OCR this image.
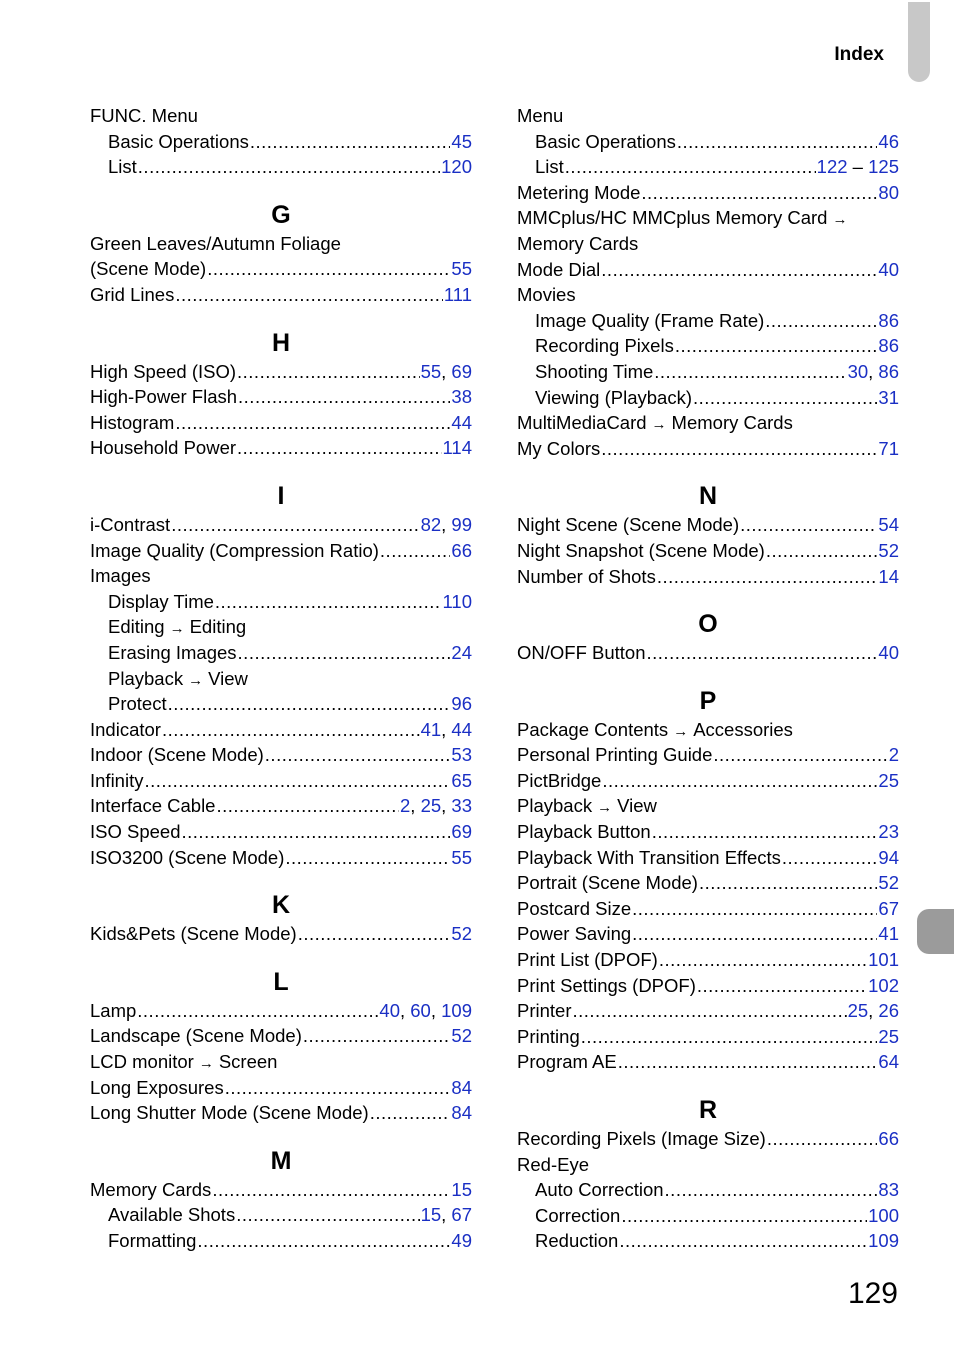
Index
FUNC. Menu
Basic Operations .....	45
List .....	120
G
Green Leaves/Autumn Foliage
(Scene Mode) .....	55
Grid Lines .....	111
H
High Speed (ISO) .....	55, 69
High-Power Flash .....	38
Histogram .....	44
Household Power .....	114
I
i-Contrast .....	82, 99
Image Quality (Compression Ratio) .....	66
Images
Display Time .....	110
Editing → Editing
Erasing Images .....	24
Playback → View
Protect .....	96
Indicator .....	41, 44
Indoor (Scene Mode) .....	53
Infinity .....	65
Interface Cable .....	2, 25, 33
ISO Speed .....	69
ISO3200 (Scene Mode) .....	55
K
Kids&Pets (Scene Mode) .....	52
L
Lamp .....	40, 60, 109
Landscape (Scene Mode) .....	52
LCD monitor → Screen
Long Exposures .....	84
Long Shutter Mode (Scene Mode) .....	84
M
Memory Cards .....	15
Available Shots .....	15, 67
Formatting .....	49
Menu
Basic Operations .....	46
List .....	122 – 125
Metering Mode .....	80
MMCplus/HC MMCplus Memory Card →
Memory Cards
Mode Dial .....	40
Movies
Image Quality (Frame Rate) .....	86
Recording Pixels .....	86
Shooting Time .....	30, 86
Viewing (Playback) .....	31
MultiMediaCard → Memory Cards
My Colors .....	71
N
Night Scene (Scene Mode) .....	54
Night Snapshot (Scene Mode) .....	52
Number of Shots .....	14
O
ON/OFF Button .....	40
P
Package Contents → Accessories
Personal Printing Guide .....	2
PictBridge .....	25
Playback → View
Playback Button .....	23
Playback With Transition Effects .....	94
Portrait (Scene Mode) .....	52
Postcard Size .....	67
Power Saving .....	41
Print List (DPOF) .....	101
Print Settings (DPOF) .....	102
Printer .....	25, 26
Printing .....	25
Program AE .....	64
R
Recording Pixels (Image Size) .....	66
Red-Eye
Auto Correction .....	83
Correction .....	100
Reduction .....	109
129
